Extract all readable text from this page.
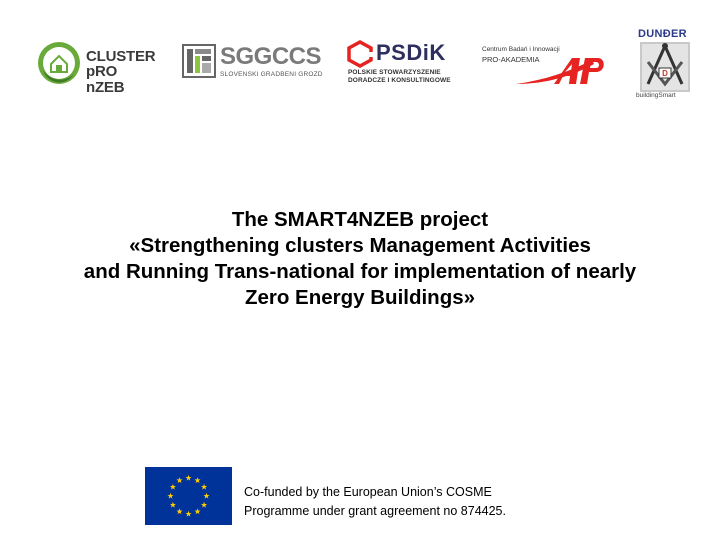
CLUSTER
pRO nZEB
SGGCCS
SLOVENSKI GRADBENI GROZD
PSDiK
POLSKIE STOWARZYSZENIE
DORADCZE I KONSULTINGOWE
Centrum Badań i Innowacji
PRO-AKADEMIA
DUNĐER
D
buildingSmart
The SMART4NZEB project
«Strengthening clusters Management Activities
and Running Trans-national for implementation of nearly
Zero Energy Buildings»
Co-funded by the European Union’s COSME
Programme under grant agreement no 874425.
